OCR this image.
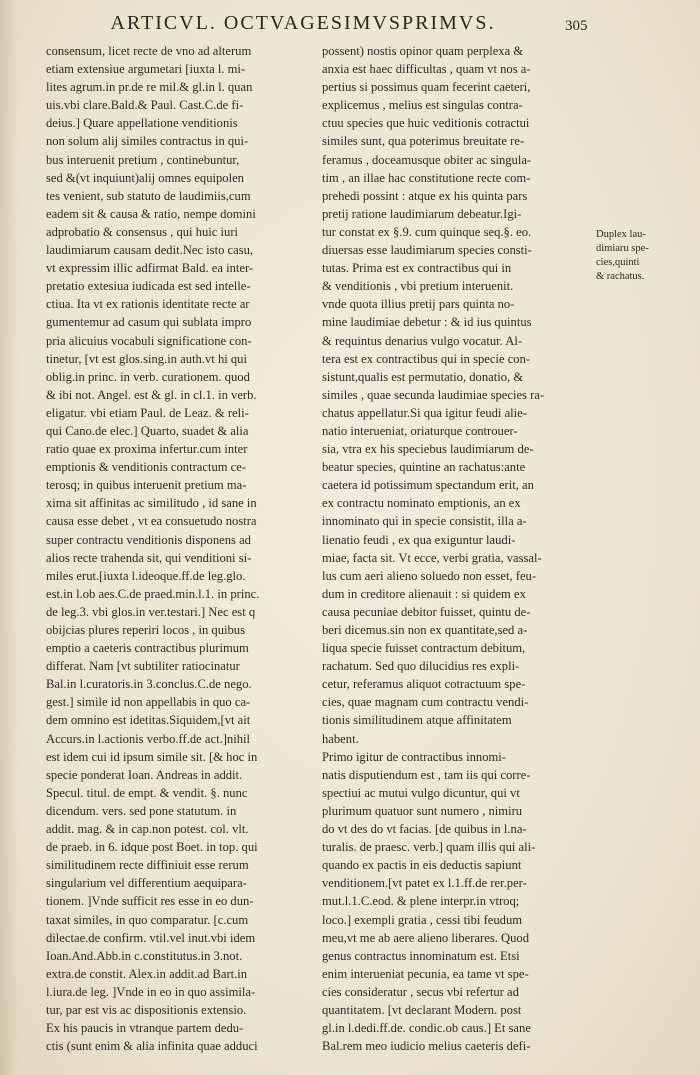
ARTICVL. OCTVAGESIMVSPRIMVS.	305
consensum, licet recte de vno ad alterum
etiam extensiue argumetari [iuxta l. mi-
lites agrum.in pr.de re mil.& gl.in l. quan
uis.vbi clare.Bald.& Paul. Cast.C.de fi-
deius.] Quare appellatione venditionis
non solum alij similes contractus in qui-
bus interuenit pretium , continebuntur,
sed &(vt inquiunt)alij omnes equipolen
tes venient, sub statuto de laudimiis,cum
eadem sit & causa & ratio, nempe domini
adprobatio & consensus , qui huic iuri
laudimiarum causam dedit.Nec isto casu,
vt expressim illic adfirmat Bald. ea inter-
pretatio extesiua iudicada est sed intelle-
ctiua. Ita vt ex rationis identitate recte ar
gumentemur ad casum qui sublata impro
pria alicuius vocabuli significatione con-
tinetur, [vt est glos.sing.in auth.vt hi qui
oblig.in princ. in verb. curationem. quod
& ibi not. Angel. est & gl. in cl.1. in verb.
eligatur. vbi etiam Paul. de Leaz. & reli-
qui Cano.de elec.] Quarto, suadet & alia
ratio quae ex proxima infertur.cum inter
emptionis & venditionis contractum ce-
terosq; in quibus interuenit pretium ma-
xima sit affinitas ac similitudo , id sane in
causa esse debet , vt ea consuetudo nostra
super contractu venditionis disponens ad
alios recte trahenda sit, qui venditioni si-
miles erut.[iuxta l.ideoque.ff.de leg.glo.
est.in l.ob aes.C.de praed.min.l.1. in princ.
de leg.3. vbi glos.in ver.testari.] Nec est q
obijcias plures reperiri locos , in quibus
emptio a caeteris contractibus plurimum
differat. Nam [vt subtiliter ratiocinatur
Bal.in l.curatoris.in 3.conclus.C.de nego.
gest.] simile id non appellabis in quo ca-
dem omnino est idetitas.Siquidem,[vt ait
Accurs.in l.actionis verbo.ff.de act.]nihil
est idem cui id ipsum simile sit. [& hoc in
specie ponderat Ioan. Andreas in addit.
Specul. titul. de empt. & vendit. §. nunc
dicendum. vers. sed pone statutum. in
addit. mag. & in cap.non potest. col. vlt.
de praeb. in 6. idque post Boet. in top. qui
similitudinem recte diffiniuit esse rerum
singularium vel differentium aequipara-
tionem. ]Vnde sufficit res esse in eo dun-
taxat similes, in quo comparatur. [c.cum
dilectae.de confirm. vtil.vel inut.vbi idem
Ioan.And.Abb.in c.constitutus.in 3.not.
extra.de constit. Alex.in addit.ad Bart.in
l.iura.de leg. ]Vnde in eo in quo assimila-
tur, par est vis ac dispositionis extensio.
Ex his paucis in vtranque partem dedu-
ctis (sunt enim & alia infinita quae adduci
possent) nostis opinor quam perplexa &
anxia est haec difficultas , quam vt nos a-
pertius si possimus quam fecerint caeteri,
explicemus , melius est singulas contra-
ctuu species que huic veditionis cotractui
similes sunt, qua poterimus breuitate re-
feramus , doceamusque obiter ac singula-
tim , an illae hac constitutione recte com-
prehedi possint : atque ex his quinta pars
pretij ratione laudimiarum debeatur.Igi-
tur constat ex §.9. cum quinque seq.§. eo.
diuersas esse laudimiarum species consti-
tutas. Prima est ex contractibus qui in
& venditionis , vbi pretium interuenit.
vnde quota illius pretij pars quinta no-
mine laudimiae debetur : & id ius quintus
& requintus denarius vulgo vocatur. Al-
tera est ex contractibus qui in specie con-
sistunt,qualis est permutatio, donatio, &
similes , quae secunda laudimiae species ra-
chatus appellatur.Si qua igitur feudi alie-
natio interueniat, oriaturque controuer-
sia, vtra ex his speciebus laudimiarum de-
beatur species, quintine an rachatus:ante
caetera id potissimum spectandum erit, an
ex contractu nominato emptionis, an ex
innominato qui in specie consistit, illa a-
lienatio feudi , ex qua exiguntur laudi-
miae, facta sit. Vt ecce, verbi gratia, vassal-
lus cum aeri alieno soluedo non esset, feu-
dum in creditore alienauit : si quidem ex
causa pecuniae debitor fuisset, quintu de-
beri dicemus.sin non ex quantitate,sed a-
liqua specie fuisset contractum debitum,
rachatum. Sed quo dilucidius res expli-
cetur, referamus aliquot cotractuum spe-
cies, quae magnam cum contractu vendi-
tionis similitudinem atque affinitatem
habent.
Primo igitur de contractibus innomi-
natis disputiendum est , tam iis qui corre-
spectiui ac mutui vulgo dicuntur, qui vt
plurimum quatuor sunt numero , nimiru
do vt des do vt facias. [de quibus in l.na-
turalis. de praesc. verb.] quam illis qui ali-
quando ex pactis in eis deductis sapiunt
venditionem.[vt patet ex l.1.ff.de rer.per-
mut.l.1.C.eod. & plene interpr.in vtroq;
loco.] exempli gratia , cessi tibi feudum
meu,vt me ab aere alieno liberares. Quod
genus contractus innominatum est. Etsi
enim interueniat pecunia, ea tame vt spe-
cies consideratur , secus vbi refertur ad
quantitatem. [vt declarant Modern. post
gl.in l.dedi.ff.de. condic.ob caus.] Et sane
Bal.rem meo iudicio melius caeteris defi-
Duplex lau-
dimiaru spe-
cies,quinti
& rachatus.
